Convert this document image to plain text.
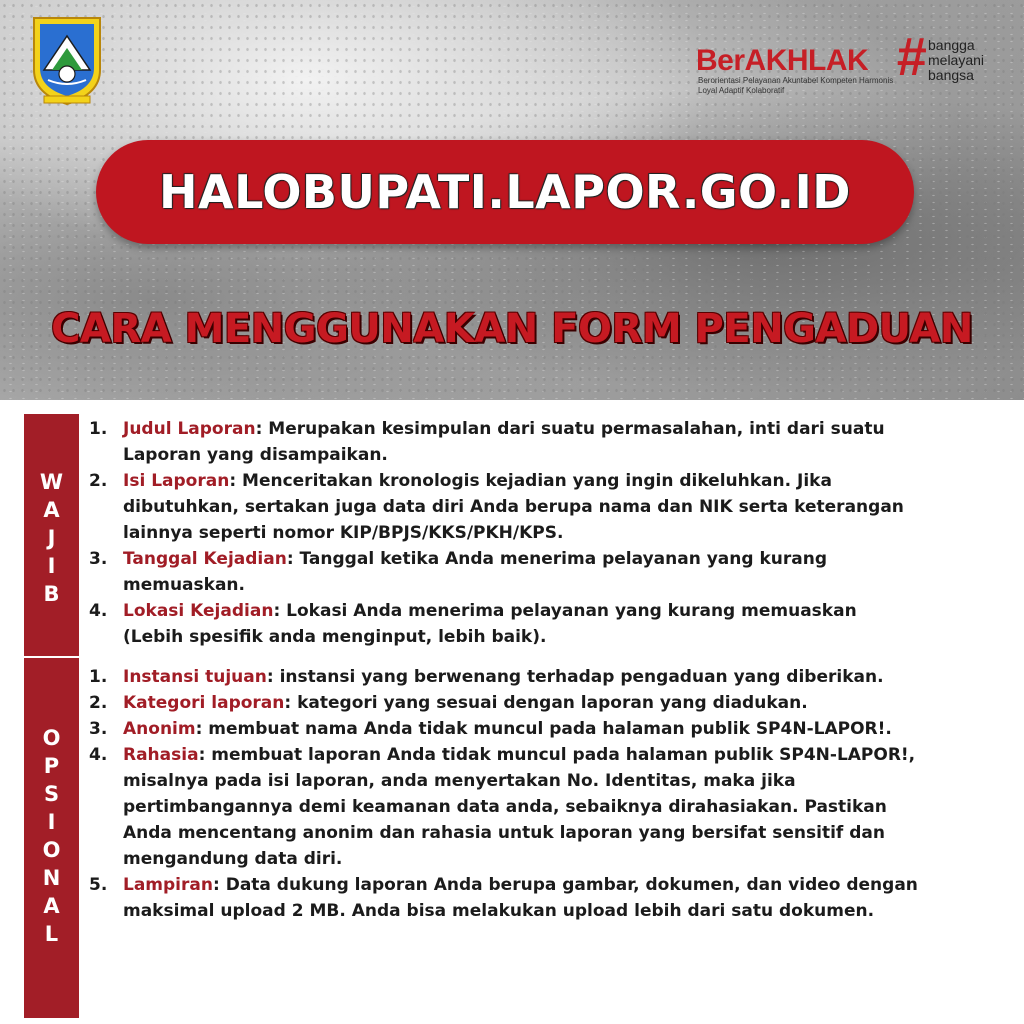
BerAKHLAK
Berorientasi Pelayanan Akuntabel Kompeten Harmonis Loyal Adaptif Kolaboratif
# bangga
melayani
bangsa
HALOBUPATI.LAPOR.GO.ID
CARA MENGGUNAKAN FORM PENGADUAN
W
A
J
I
B
1. Judul Laporan: Merupakan kesimpulan dari suatu permasalahan, inti dari suatu Laporan yang disampaikan.
2. Isi Laporan: Menceritakan kronologis kejadian yang ingin dikeluhkan. Jika dibutuhkan, sertakan juga data diri Anda berupa nama dan NIK serta keterangan lainnya seperti nomor KIP/BPJS/KKS/PKH/KPS.
3. Tanggal Kejadian: Tanggal ketika Anda menerima pelayanan yang kurang memuaskan.
4. Lokasi Kejadian: Lokasi Anda menerima pelayanan yang kurang memuaskan (Lebih spesifik anda menginput, lebih baik).
O
P
S
I
O
N
A
L
1. Instansi tujuan: instansi yang berwenang terhadap pengaduan yang diberikan.
2. Kategori laporan: kategori yang sesuai dengan laporan yang diadukan.
3. Anonim: membuat nama Anda tidak muncul pada halaman publik SP4N-LAPOR!.
4. Rahasia: membuat laporan Anda tidak muncul pada halaman publik SP4N-LAPOR!, misalnya pada isi laporan, anda menyertakan No. Identitas, maka jika pertimbangannya demi keamanan data anda, sebaiknya dirahasiakan. Pastikan Anda mencentang anonim dan rahasia untuk laporan yang bersifat sensitif dan mengandung data diri.
5. Lampiran: Data dukung laporan Anda berupa gambar, dokumen, dan video dengan maksimal upload 2 MB. Anda bisa melakukan upload lebih dari satu dokumen.
